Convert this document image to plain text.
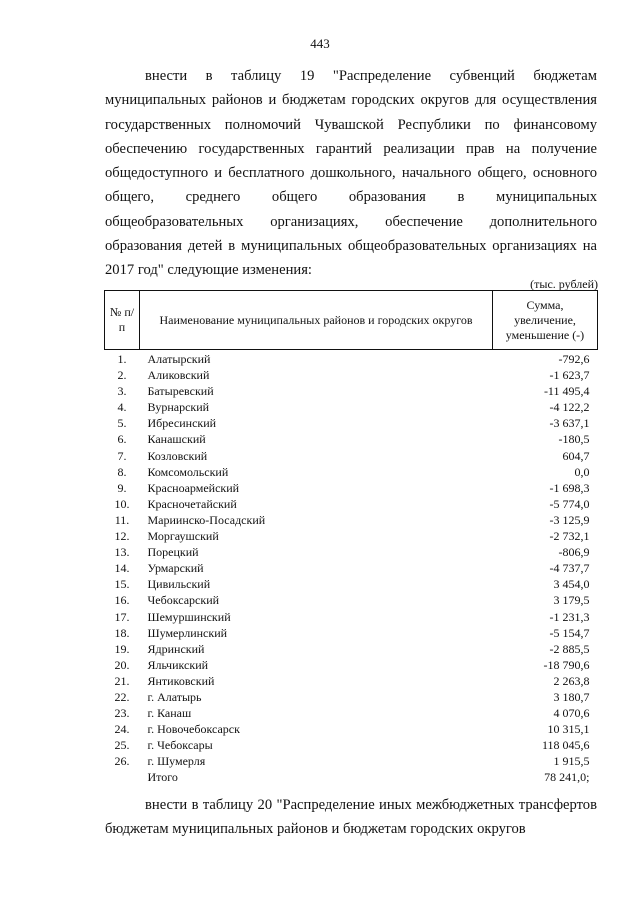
443

внести в таблицу 19 "Распределение субвенций бюджетам муниципальных районов и бюджетам городских округов для осуществления государственных полномочий Чувашской Республики по финансовому обеспечению государственных гарантий реализации прав на получение общедоступного и бесплатного дошкольного, начального общего, основного общего, среднего общего образования в муниципальных общеобразовательных организациях, обеспечение дополнительного образования детей в муниципальных общеобразовательных организациях на 2017 год" следующие изменения:

(тыс. рублей)
№ п/п	Наименование муниципальных районов и городских округов	Сумма, увеличение, уменьшение (-)
1.	Алатырский	-792,6
2.	Аликовский	-1 623,7
3.	Батыревский	-11 495,4
4.	Вурнарский	-4 122,2
5.	Ибресинский	-3 637,1
6.	Канашский	-180,5
7.	Козловский	604,7
8.	Комсомольский	0,0
9.	Красноармейский	-1 698,3
10.	Красночетайский	-5 774,0
11.	Мариинско-Посадский	-3 125,9
12.	Моргаушский	-2 732,1
13.	Порецкий	-806,9
14.	Урмарский	-4 737,7
15.	Цивильский	3 454,0
16.	Чебоксарский	3 179,5
17.	Шемуршинский	-1 231,3
18.	Шумерлинский	-5 154,7
19.	Ядринский	-2 885,5
20.	Яльчикский	-18 790,6
21.	Янтиковский	2 263,8
22.	г. Алатырь	3 180,7
23.	г. Канаш	4 070,6
24.	г. Новочебоксарск	10 315,1
25.	г. Чебоксары	118 045,6
26.	г. Шумерля	1 915,5
	Итого	78 241,0;

внести в таблицу 20 "Распределение иных межбюджетных трансфертов бюджетам муниципальных районов и бюджетам городских округов
